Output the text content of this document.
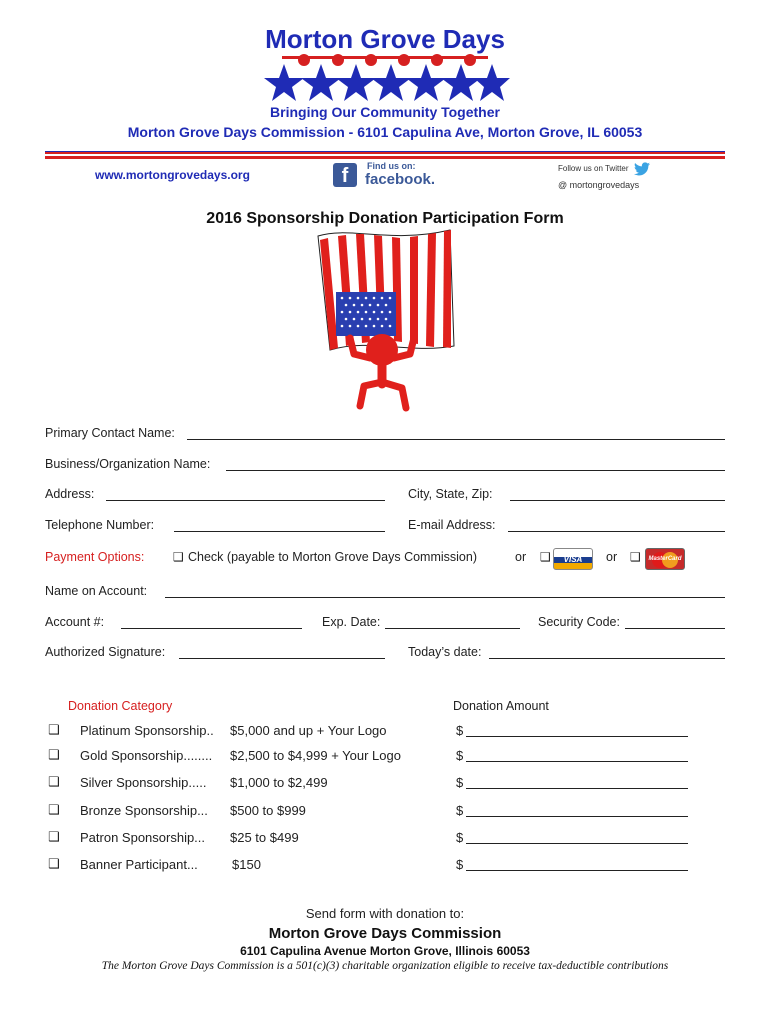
Morton Grove Days
Bringing Our Community Together
Morton Grove Days Commission - 6101 Capulina Ave, Morton Grove, IL 60053
www.mortongrovedays.org	f	Find us on:
facebook.
Follow us on Twitter
@ mortongrovedays
2016 Sponsorship Donation Participation Form
Primary Contact Name:
Business/Organization Name:
Address:	City, State, Zip:
Telephone Number:	E-mail Address:
Payment Options: ❑ Check (payable to Morton Grove Days Commission)	or ❑	VISA	or ❑	MasterCard
Name on Account:
Account #:	Exp. Date:	Security Code:
Authorized Signature:	Today’s date:
Donation Category	Donation Amount
❑ Platinum Sponsorship.. $5,000 and up + Your Logo	$
❑ Gold Sponsorship........ $2,500 to $4,999 + Your Logo	$
❑ Silver Sponsorship..... $1,000 to $2,499	$
❑ Bronze Sponsorship... $500 to $999	$
❑ Patron Sponsorship... $25 to $499	$
❑ Banner Participant...	$150	$
Send form with donation to:
Morton Grove Days Commission
6101 Capulina Avenue Morton Grove, Illinois 60053
The Morton Grove Days Commission is a 501(c)(3) charitable organization eligible to receive tax-deductible contributions
